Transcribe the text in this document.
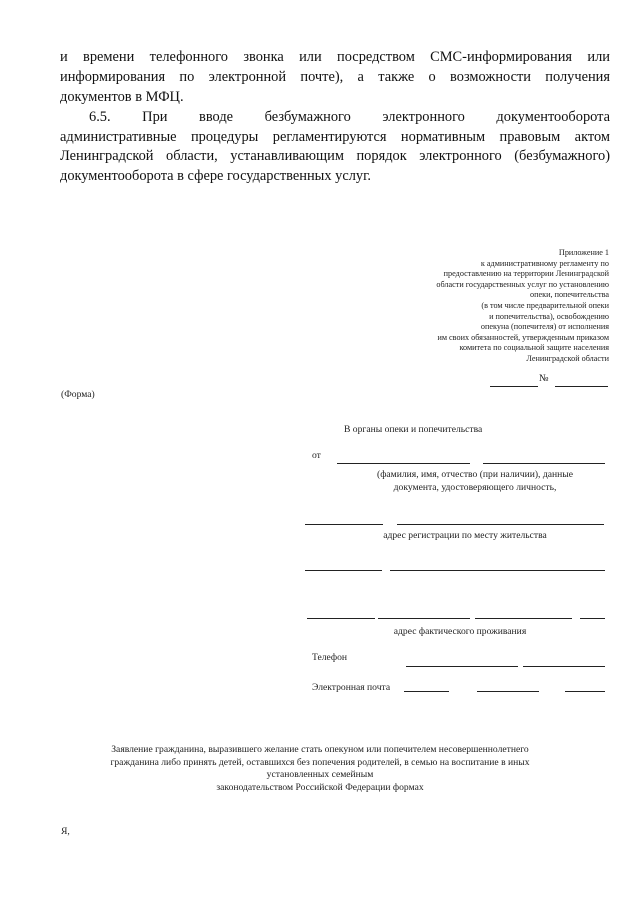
и времени телефонного звонка или посредством СМС-информирования или
информирования по электронной почте), а также о возможности получения
документов в МФЦ.
6.5.    При    вводе    безбумажного    электронного    документооборота
административные процедуры регламентируются нормативным правовым актом
Ленинградской области, устанавливающим порядок электронного (безбумажного)
документооборота в сфере государственных услуг.
Приложение 1
к административному регламенту по
предоставлению на территории Ленинградской
области государственных услуг по установлению
опеки, попечительства
(в том числе предварительной опеки
и попечительства), освобождению
опекуна (попечителя) от исполнения
им своих обязанностей, утвержденным приказом
комитета по социальной защите населения
Ленинградской области
№
(Форма)
В органы опеки и попечительства
от
(фамилия, имя, отчество (при наличии), данные
документа, удостоверяющего личность,
адрес регистрации по месту жительства
адрес фактического проживания
Телефон
Электронная почта
Заявление гражданина, выразившего желание стать опекуном или попечителем несовершеннолетнего
гражданина либо принять детей, оставшихся без попечения родителей, в семью на воспитание в иных
установленных семейным
законодательством Российской Федерации формах
Я,
